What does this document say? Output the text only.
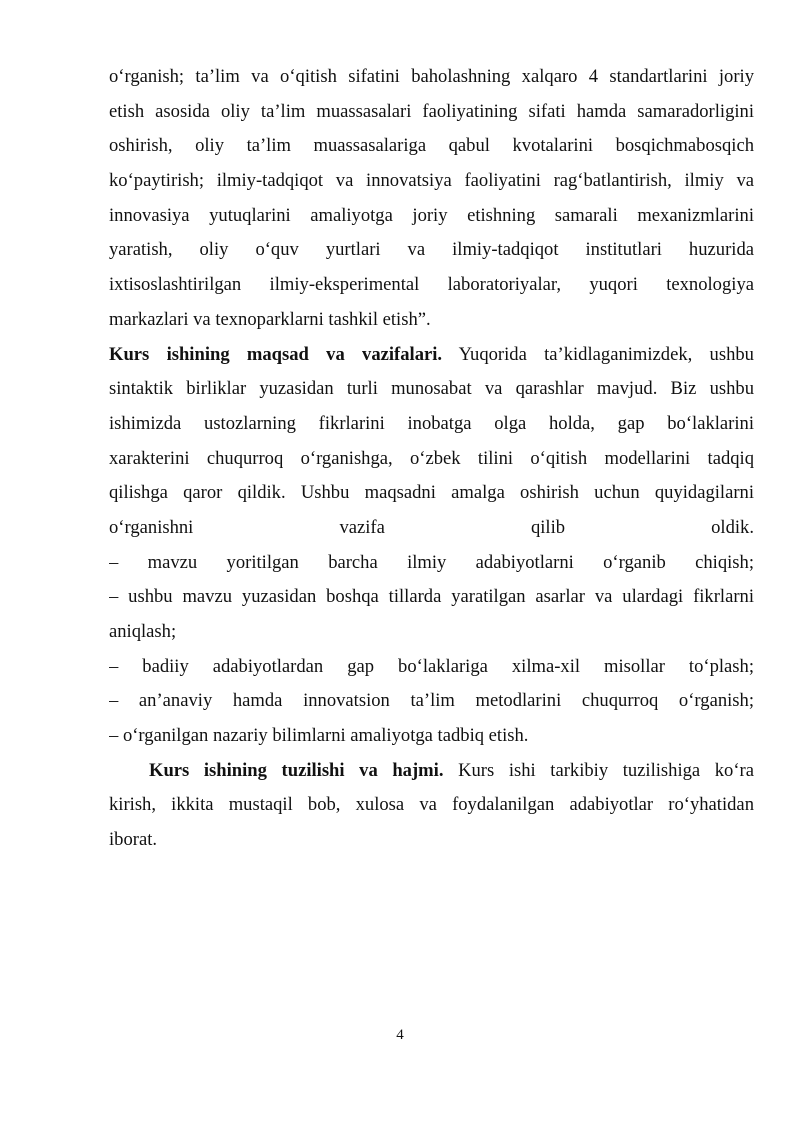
o‘rganish; ta’lim va o‘qitish sifatini baholashning xalqaro 4 standartlarini joriy
etish asosida oliy ta’lim muassasalari faoliyatining sifati hamda samaradorligini
oshirish, oliy ta’lim muassasalariga qabul kvotalarini bosqichmabosqich
ko‘paytirish; ilmiy-tadqiqot va innovatsiya faoliyatini rag‘batlantirish, ilmiy va
innovasiya yutuqlarini amaliyotga joriy etishning samarali mexanizmlarini
yaratish, oliy o‘quv yurtlari va ilmiy-tadqiqot institutlari huzurida
ixtisoslashtirilgan ilmiy-eksperimental laboratoriyalar, yuqori texnologiya
markazlari va texnoparklarni tashkil etish”.
Kurs ishining maqsad va vazifalari. Yuqorida ta’kidlaganimizdek, ushbu
sintaktik birliklar yuzasidan turli munosabat va qarashlar mavjud. Biz ushbu
ishimizda ustozlarning fikrlarini inobatga olga holda, gap bo‘laklarini
xarakterini chuqurroq o‘rganishga, o‘zbek tilini o‘qitish modellarini tadqiq
qilishga qaror qildik. Ushbu maqsadni amalga oshirish uchun quyidagilarni
o‘rganishni vazifa qilib oldik.
– mavzu yoritilgan barcha ilmiy adabiyotlarni o‘rganib chiqish;
– ushbu mavzu yuzasidan boshqa tillarda yaratilgan asarlar va ulardagi fikrlarni
aniqlash;
– badiiy adabiyotlardan gap bo‘laklariga xilma-xil misollar to‘plash;
– an’anaviy hamda innovatsion ta’lim metodlarini chuqurroq o‘rganish;
– o‘rganilgan nazariy bilimlarni amaliyotga tadbiq etish.
Kurs ishining tuzilishi va hajmi. Kurs ishi tarkibiy tuzilishiga ko‘ra
kirish, ikkita mustaqil bob, xulosa va foydalanilgan adabiyotlar ro‘yhatidan
iborat.
4
